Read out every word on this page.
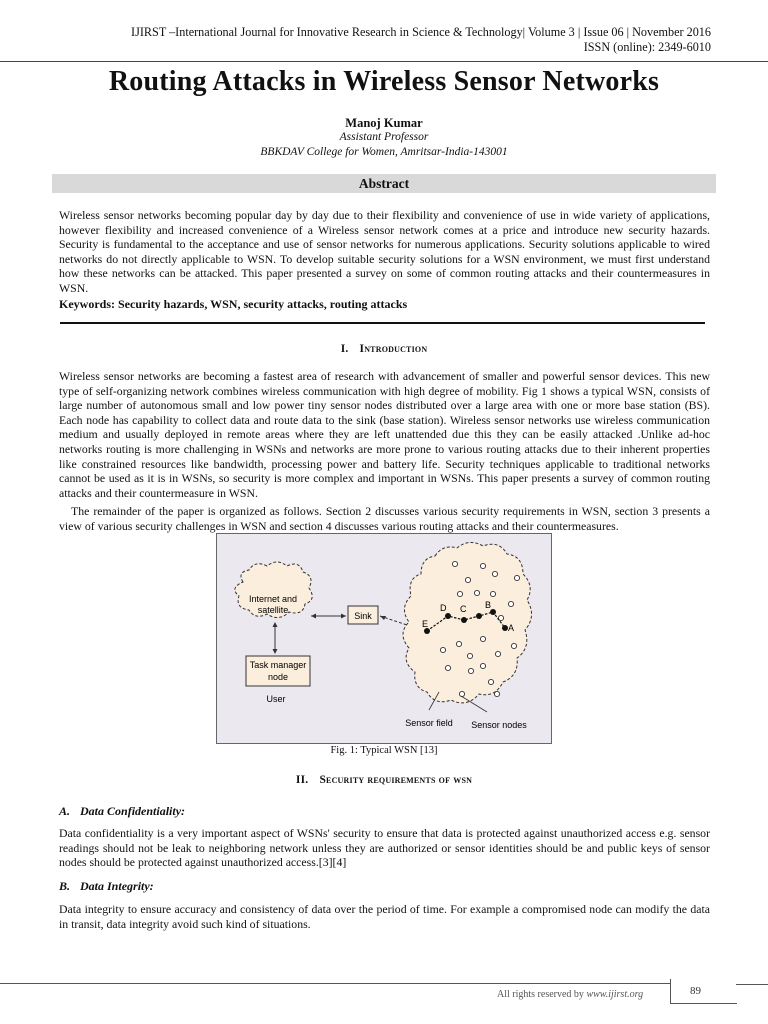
IJIRST –International Journal for Innovative Research in Science & Technology| Volume 3 | Issue 06 | November 2016
ISSN (online): 2349-6010
Routing Attacks in Wireless Sensor Networks
Manoj Kumar
Assistant Professor
BBKDAV College for Women, Amritsar-India-143001
Abstract
Wireless sensor networks becoming popular day by day due to their flexibility and convenience of use in wide variety of applications, however flexibility and increased convenience of a Wireless sensor network comes at a price and introduce new security hazards. Security is fundamental to the acceptance and use of sensor networks for numerous applications. Security solutions applicable to wired networks do not directly applicable to WSN. To develop suitable security solutions for a WSN environment, we must first understand how these networks can be attacked. This paper presented a survey on some of common routing attacks and their countermeasures in WSN.
Keywords: Security hazards, WSN, security attacks, routing attacks
I. Introduction
Wireless sensor networks are becoming a fastest area of research with advancement of smaller and powerful sensor devices. This new type of self-organizing network combines wireless communication with high degree of mobility. Fig 1 shows a typical WSN, consists of large number of autonomous small and low power tiny sensor nodes distributed over a large area with one or more base station (BS). Each node has capability to collect data and route data to the sink (base station). Wireless sensor networks use wireless communication medium and usually deployed in remote areas where they are left unattended due this they can be easily attacked .Unlike ad-hoc networks routing is more challenging in WSNs and networks are more prone to various routing attacks due to their inherent properties like constrained resources like bandwidth, processing power and battery life. Security techniques applicable to traditional networks cannot be used as it is in WSNs, so security is more complex and important in WSNs. This paper presents a survey of common routing attacks and their countermeasure in WSN.
The remainder of the paper is organized as follows. Section 2 discusses various security requirements in WSN, section 3 presents a view of various security challenges in WSN and section 4 discusses various routing attacks and their countermeasures.
Internet and
satellite
Sink
Task manager
node
User
D C B
E	A
Sensor field Sensor nodes
Fig. 1: Typical WSN [13]
II. Security requirements of wsn
A. Data Confidentiality:
Data confidentiality is a very important aspect of WSNs' security to ensure that data is protected against unauthorized access e.g. sensor readings should not be leak to neighboring network unless they are authorized or sensor identities should be and public keys of sensor nodes should be protected against unauthorized access.[3][4]
B. Data Integrity:
Data integrity to ensure accuracy and consistency of data over the period of time. For example a compromised node can modify the data in transit, data integrity avoid such kind of situations.
All rights reserved by www.ijirst.org	89
